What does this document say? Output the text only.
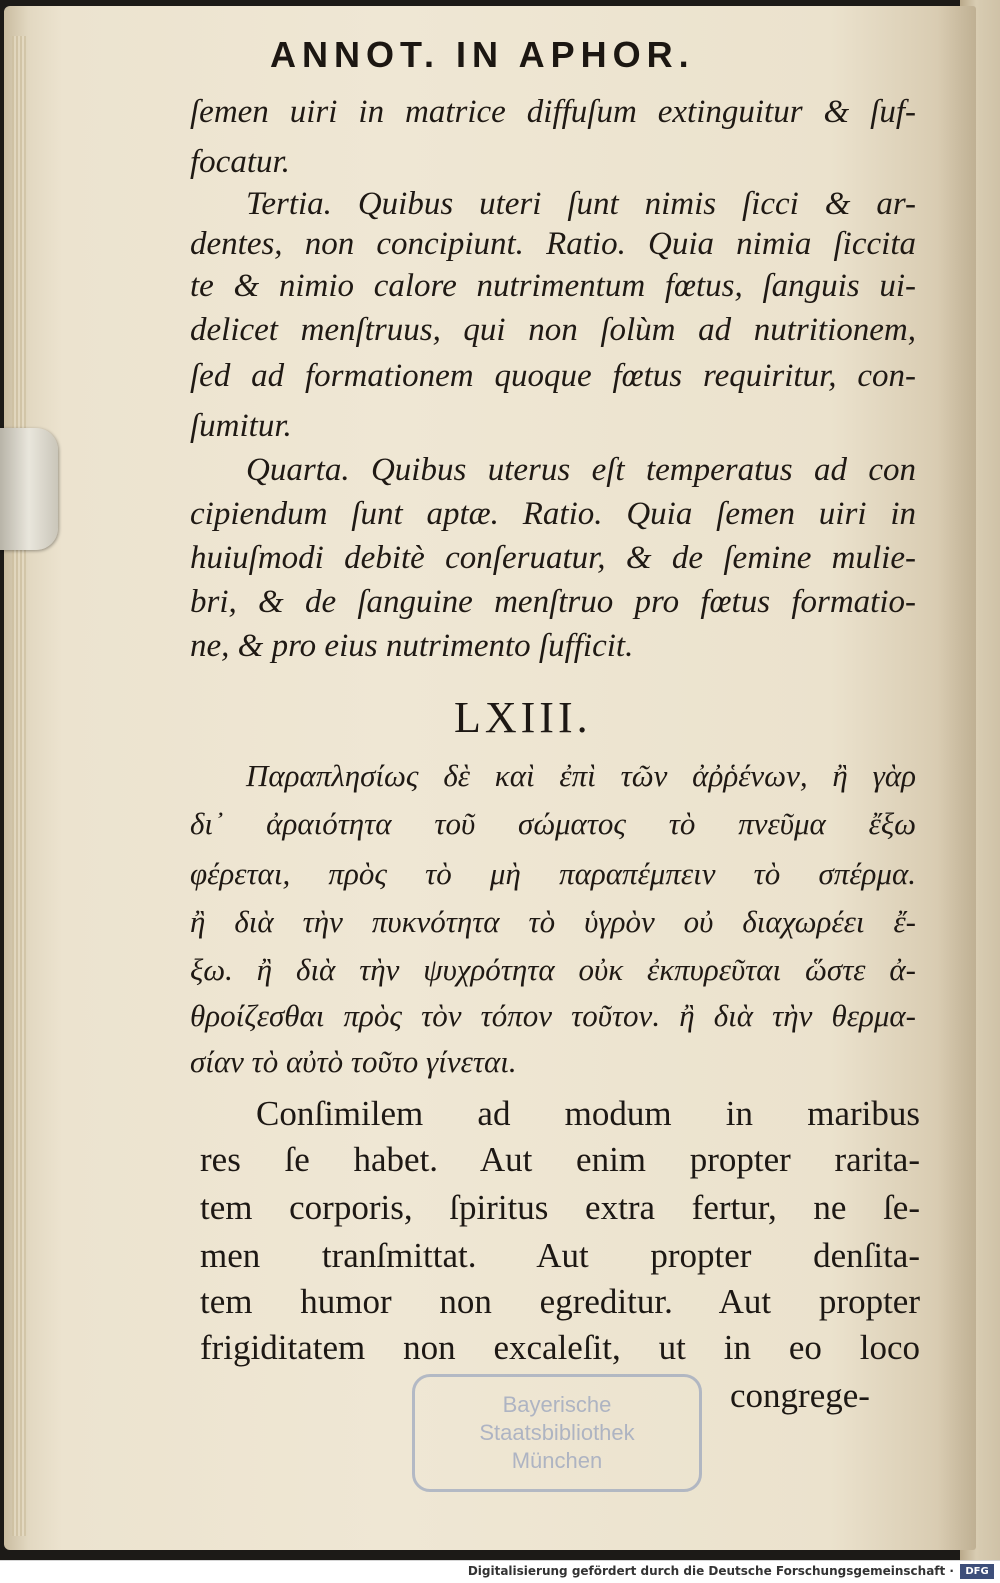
ANNOT. IN APHOR.

ſemen uiri in matrice diffuſum extinguitur & ſuf-

focatur.

Tertia. Quibus uteri ſunt nimis ſicci & ar-

dentes, non concipiunt. Ratio. Quia nimia ſiccita

te & nimio calore nutrimentum fœtus, ſanguis ui-

delicet menſtruus, qui non ſolùm ad nutritionem,

ſed ad formationem quoque fœtus requiritur, con-

ſumitur.

Quarta. Quibus uterus eſt temperatus ad con

cipiendum ſunt aptæ. Ratio. Quia ſemen uiri in

huiuſmodi debitè conſeruatur, & de ſemine mulie-

bri, & de ſanguine menſtruo pro fœtus formatio-

ne, & pro eius nutrimento ſufficit.

LXIII.

Παραπλησίως δὲ καὶ ἐπὶ τῶν ἀῤῥένων, ἢ γὰρ

δι᾽ ἀραιότητα τοῦ σώματος τὸ πνεῦμα ἔξω

φέρεται, πρὸς τὸ μὴ παραπέμπειν τὸ σπέρμα.

ἢ διὰ τὴν πυκνότητα τὸ ὑγρὸν οὐ διαχωρέει ἔ-

ξω. ἢ διὰ τὴν ψυχρότητα οὐκ ἐκπυρεῦται ὥστε ἀ-

θροίζεσθαι πρὸς τὸν τόπον τοῦτον. ἢ διὰ τὴν θερμα-

σίαν τὸ αὐτὸ τοῦτο γίνεται.

Conſimilem ad modum in maribus

res ſe habet. Aut enim propter rarita-

tem corporis, ſpiritus extra fertur, ne ſe-

men tranſmittat. Aut propter denſita-

tem humor non egreditur. Aut propter

frigiditatem non excaleſit, ut in eo loco

congrege-

Bayerische
Staatsbibliothek
München

Digitalisierung gefördert durch die Deutsche Forschungsgemeinschaft ·	DFG
